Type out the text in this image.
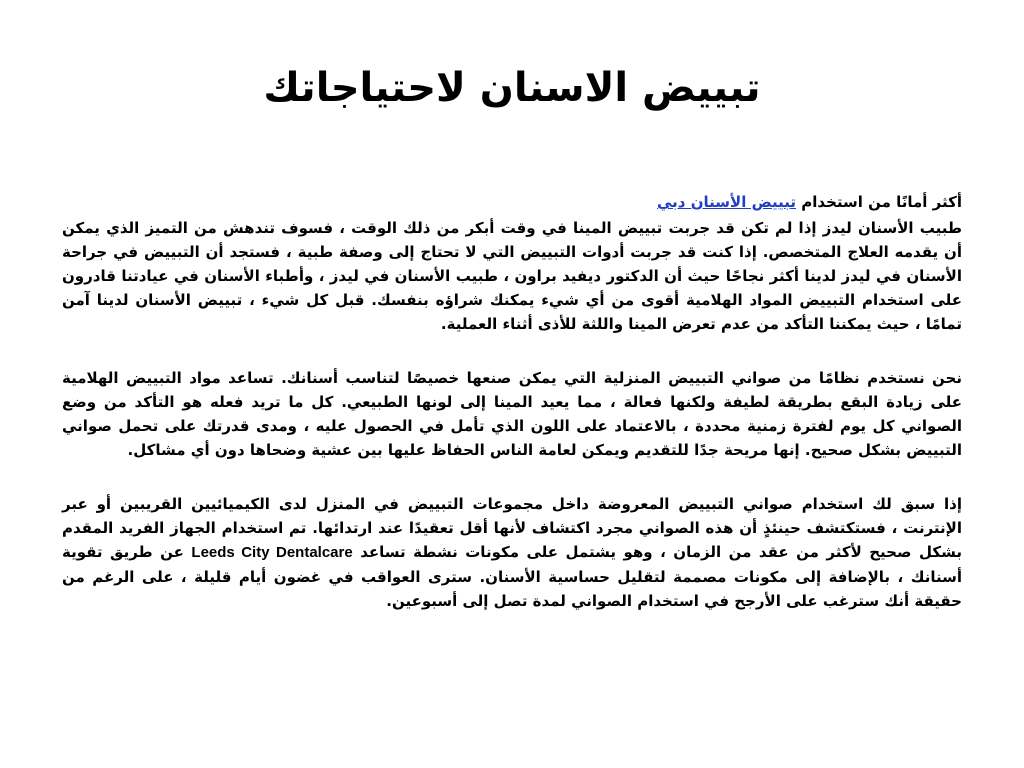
تبييض الاسنان لاحتياجاتك

أكثر أمانًا من استخدام تبييض الأسنان دبي

طبيب الأسنان ليدز إذا لم تكن قد جربت تبييض المينا في وقت أبكر من ذلك الوقت ، فسوف تندهش من التميز الذي يمكن أن يقدمه العلاج المتخصص. إذا كنت قد جربت أدوات التبييض التي لا تحتاج إلى وصفة طبية ، فستجد أن التبييض في جراحة الأسنان في ليدز لدينا أكثر نجاحًا حيث أن الدكتور ديفيد براون ، طبيب الأسنان في ليدز ، وأطباء الأسنان في عيادتنا قادرون على استخدام التبييض المواد الهلامية أقوى من أي شيء يمكنك شراؤه بنفسك. قبل كل شيء ، تبييض الأسنان لدينا آمن تمامًا ، حيث يمكننا التأكد من عدم تعرض المينا واللثة للأذى أثناء العملية.

نحن نستخدم نظامًا من صواني التبييض المنزلية التي يمكن صنعها خصيصًا لتناسب أسنانك. تساعد مواد التبييض الهلامية على زيادة البقع بطريقة لطيفة ولكنها فعالة ، مما يعيد المينا إلى لونها الطبيعي. كل ما تريد فعله هو التأكد من وضع الصواني كل يوم لفترة زمنية محددة ، بالاعتماد على اللون الذي تأمل في الحصول عليه ، ومدى قدرتك على تحمل صواني التبييض بشكل صحيح. إنها مريحة جدًا للتقديم ويمكن لعامة الناس الحفاظ عليها بين عشية وضحاها دون أي مشاكل.

إذا سبق لك استخدام صواني التبييض المعروضة داخل مجموعات التبييض في المنزل لدى الكيميائيين القريبين أو عبر الإنترنت ، فستكتشف حينئذٍ أن هذه الصواني مجرد اكتشاف لأنها أقل تعقيدًا عند ارتدائها. تم استخدام الجهاز الفريد المقدم بشكل صحيح لأكثر من عقد من الزمان ، وهو يشتمل على مكونات نشطة تساعد Leeds City Dentalcare عن طريق تقوية أسنانك ، بالإضافة إلى مكونات مصممة لتقليل حساسية الأسنان. سترى العواقب في غضون أيام قليلة ، على الرغم من حقيقة أنك سترغب على الأرجح في استخدام الصواني لمدة تصل إلى أسبوعين.
